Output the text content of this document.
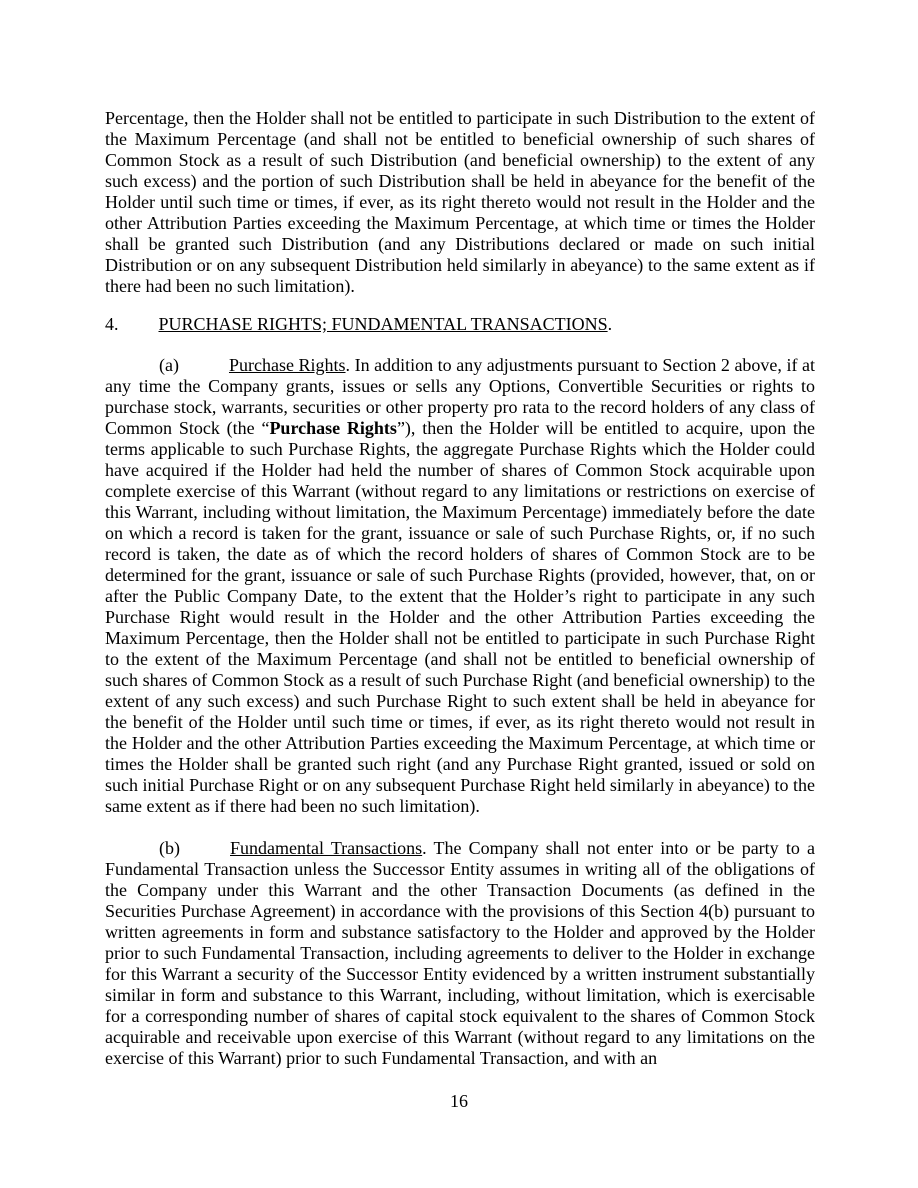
Percentage, then the Holder shall not be entitled to participate in such Distribution to the extent of the Maximum Percentage (and shall not be entitled to beneficial ownership of such shares of Common Stock as a result of such Distribution (and beneficial ownership) to the extent of any such excess) and the portion of such Distribution shall be held in abeyance for the benefit of the Holder until such time or times, if ever, as its right thereto would not result in the Holder and the other Attribution Parties exceeding the Maximum Percentage, at which time or times the Holder shall be granted such Distribution (and any Distributions declared or made on such initial Distribution or on any subsequent Distribution held similarly in abeyance) to the same extent as if there had been no such limitation).

4. PURCHASE RIGHTS; FUNDAMENTAL TRANSACTIONS.

(a)	Purchase Rights. In addition to any adjustments pursuant to Section 2 above, if at any time the Company grants, issues or sells any Options, Convertible Securities or rights to purchase stock, warrants, securities or other property pro rata to the record holders of any class of Common Stock (the “Purchase Rights”), then the Holder will be entitled to acquire, upon the terms applicable to such Purchase Rights, the aggregate Purchase Rights which the Holder could have acquired if the Holder had held the number of shares of Common Stock acquirable upon complete exercise of this Warrant (without regard to any limitations or restrictions on exercise of this Warrant, including without limitation, the Maximum Percentage) immediately before the date on which a record is taken for the grant, issuance or sale of such Purchase Rights, or, if no such record is taken, the date as of which the record holders of shares of Common Stock are to be determined for the grant, issuance or sale of such Purchase Rights (provided, however, that, on or after the Public Company Date, to the extent that the Holder’s right to participate in any such Purchase Right would result in the Holder and the other Attribution Parties exceeding the Maximum Percentage, then the Holder shall not be entitled to participate in such Purchase Right to the extent of the Maximum Percentage (and shall not be entitled to beneficial ownership of such shares of Common Stock as a result of such Purchase Right (and beneficial ownership) to the extent of any such excess) and such Purchase Right to such extent shall be held in abeyance for the benefit of the Holder until such time or times, if ever, as its right thereto would not result in the Holder and the other Attribution Parties exceeding the Maximum Percentage, at which time or times the Holder shall be granted such right (and any Purchase Right granted, issued or sold on such initial Purchase Right or on any subsequent Purchase Right held similarly in abeyance) to the same extent as if there had been no such limitation).

(b)	Fundamental Transactions. The Company shall not enter into or be party to a Fundamental Transaction unless the Successor Entity assumes in writing all of the obligations of the Company under this Warrant and the other Transaction Documents (as defined in the Securities Purchase Agreement) in accordance with the provisions of this Section 4(b) pursuant to written agreements in form and substance satisfactory to the Holder and approved by the Holder prior to such Fundamental Transaction, including agreements to deliver to the Holder in exchange for this Warrant a security of the Successor Entity evidenced by a written instrument substantially similar in form and substance to this Warrant, including, without limitation, which is exercisable for a corresponding number of shares of capital stock equivalent to the shares of Common Stock acquirable and receivable upon exercise of this Warrant (without regard to any limitations on the exercise of this Warrant) prior to such Fundamental Transaction, and with an

16
